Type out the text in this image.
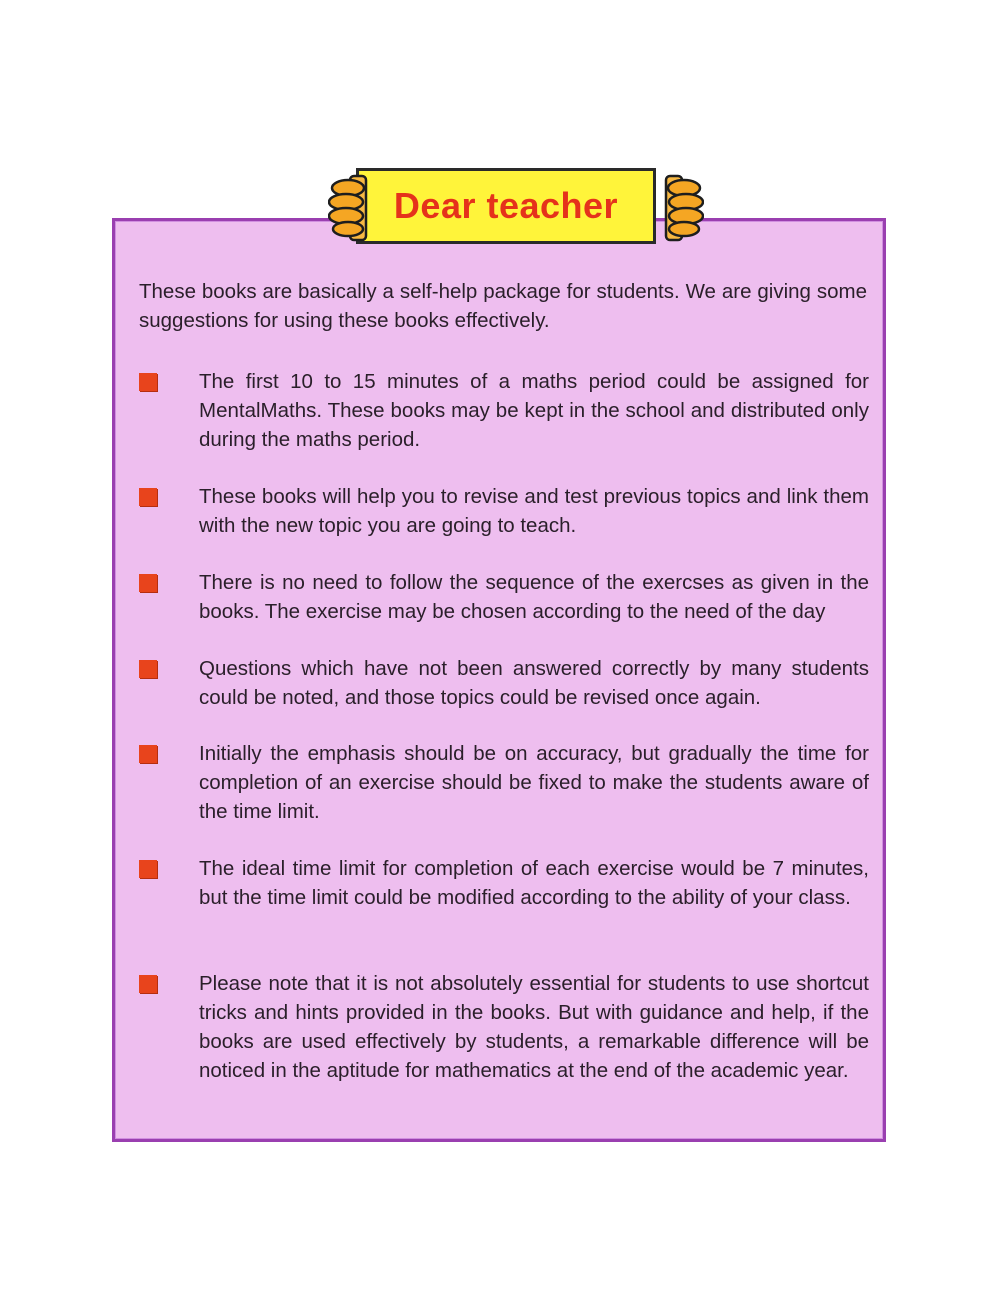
These books are basically a self-help package for students. We are giving some suggestions for using these books effectively.

The first 10 to 15 minutes of a maths period could be assigned for MentalMaths. These books may be kept in the school and distributed only during the maths period.

These books will help you to revise and test previous topics and link them with the new topic you are going to teach.

There is no need to follow the sequence of the exercses as given in the books. The exercise may be chosen according to the need of the day

Questions which have not been answered correctly by many students could be noted, and those topics could be revised once again.

Initially the emphasis should be on accuracy, but gradually the time for completion of an exercise should be fixed to make the students aware of the time limit.

The ideal time limit for completion of each exercise would be 7 minutes, but the time limit could be modified according to the ability of your class.

Please note that it is not absolutely essential for students to use shortcut tricks and hints provided in the books. But with guidance and help, if the books are used effectively by students, a remarkable difference will be noticed in the aptitude for mathematics at the end of the academic year.

Dear teacher
